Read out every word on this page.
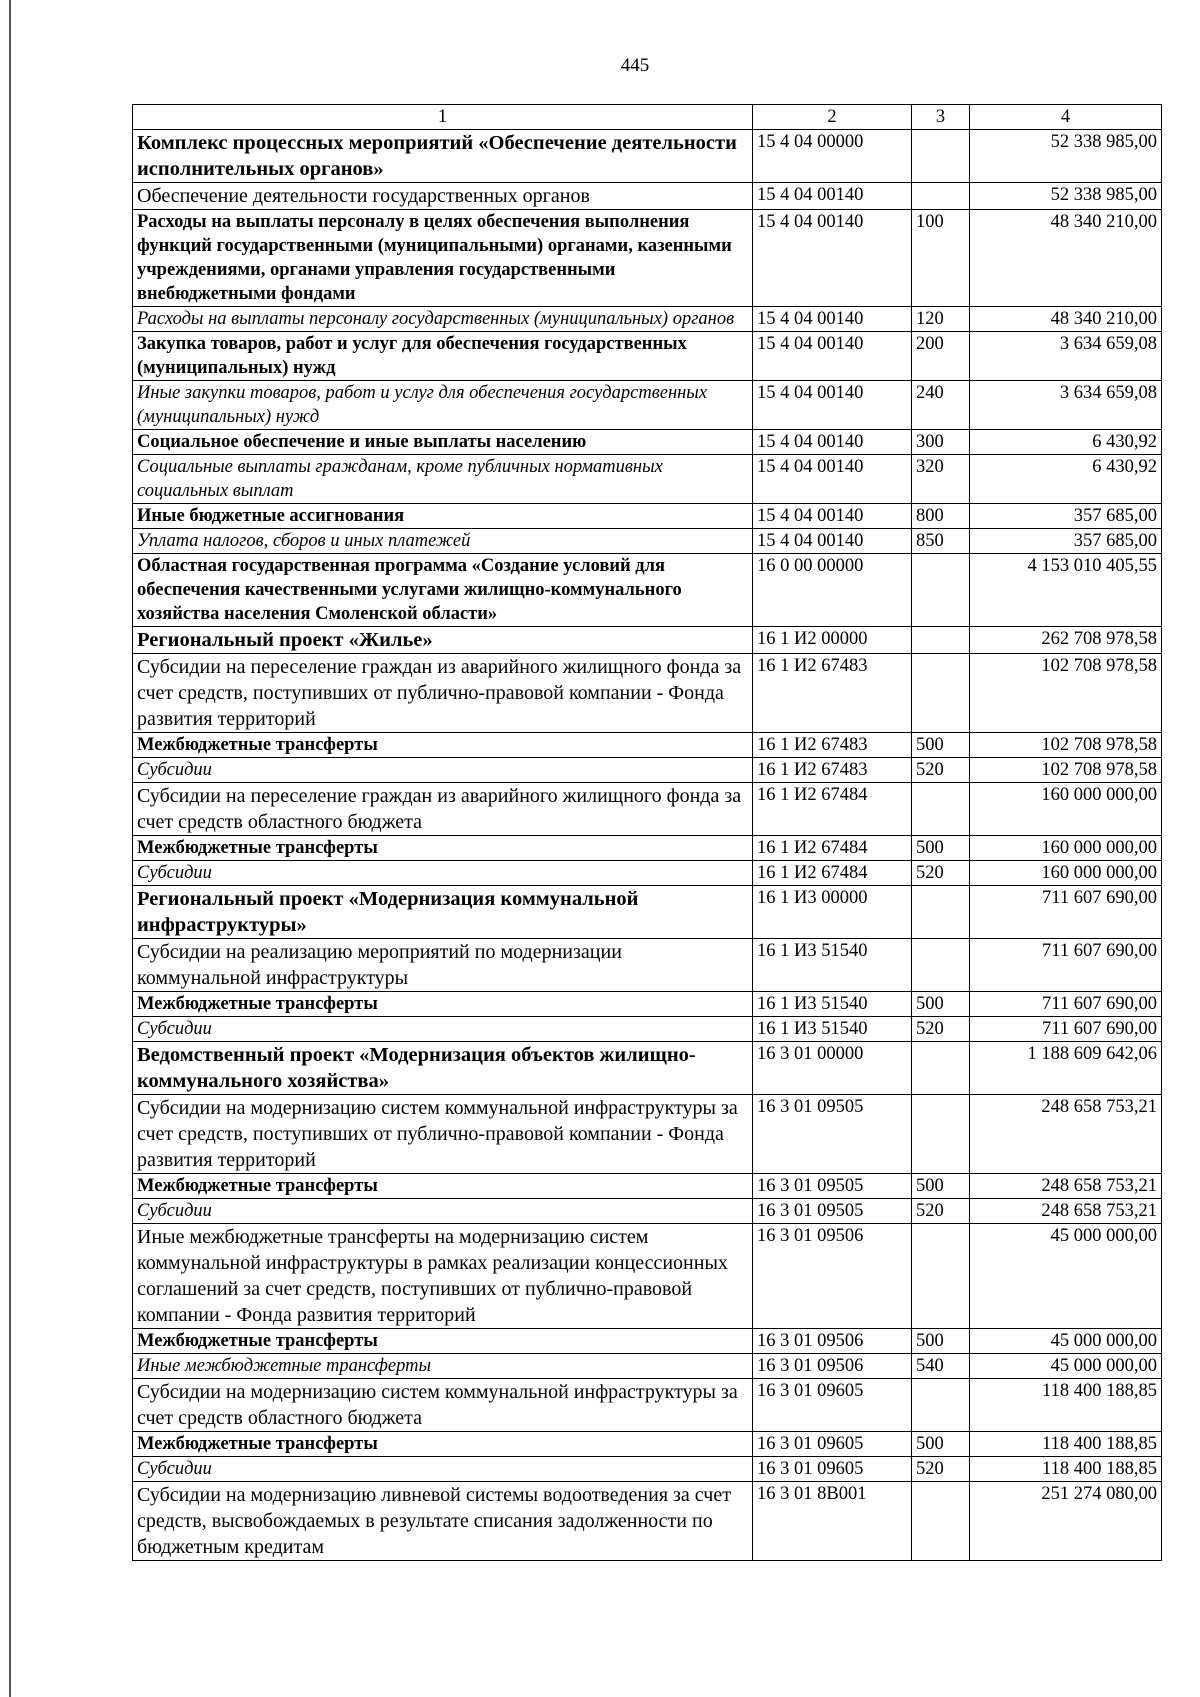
445
1	2	3	4
Комплекс процессных мероприятий «Обеспечение деятельности исполнительных органов»	15 4 04 00000		52 338 985,00
Обеспечение деятельности государственных органов	15 4 04 00140		52 338 985,00
Расходы на выплаты персоналу в целях обеспечения выполнения функций государственными (муниципальными) органами, казенными учреждениями, органами управления государственными внебюджетными фондами	15 4 04 00140	100	48 340 210,00
Расходы на выплаты персоналу государственных (муниципальных) органов	15 4 04 00140	120	48 340 210,00
Закупка товаров, работ и услуг для обеспечения государственных (муниципальных) нужд	15 4 04 00140	200	3 634 659,08
Иные закупки товаров, работ и услуг для обеспечения государственных (муниципальных) нужд	15 4 04 00140	240	3 634 659,08
Социальное обеспечение и иные выплаты населению	15 4 04 00140	300	6 430,92
Социальные выплаты гражданам, кроме публичных нормативных социальных выплат	15 4 04 00140	320	6 430,92
Иные бюджетные ассигнования	15 4 04 00140	800	357 685,00
Уплата налогов, сборов и иных платежей	15 4 04 00140	850	357 685,00
Областная государственная программа «Создание условий для обеспечения качественными услугами жилищно-коммунального хозяйства населения Смоленской области»	16 0 00 00000		4 153 010 405,55
Региональный проект «Жилье»	16 1 И2 00000		262 708 978,58
Субсидии на переселение граждан из аварийного жилищного фонда за счет средств, поступивших от публично-правовой компании - Фонда развития территорий	16 1 И2 67483		102 708 978,58
Межбюджетные трансферты	16 1 И2 67483	500	102 708 978,58
Субсидии	16 1 И2 67483	520	102 708 978,58
Субсидии на переселение граждан из аварийного жилищного фонда за счет средств областного бюджета	16 1 И2 67484		160 000 000,00
Межбюджетные трансферты	16 1 И2 67484	500	160 000 000,00
Субсидии	16 1 И2 67484	520	160 000 000,00
Региональный проект «Модернизация коммунальной инфраструктуры»	16 1 И3 00000		711 607 690,00
Субсидии на реализацию мероприятий по модернизации коммунальной инфраструктуры	16 1 И3 51540		711 607 690,00
Межбюджетные трансферты	16 1 И3 51540	500	711 607 690,00
Субсидии	16 1 И3 51540	520	711 607 690,00
Ведомственный проект «Модернизация объектов жилищно-коммунального хозяйства»	16 3 01 00000		1 188 609 642,06
Субсидии на модернизацию систем коммунальной инфраструктуры за счет средств, поступивших от публично-правовой компании - Фонда развития территорий	16 3 01 09505		248 658 753,21
Межбюджетные трансферты	16 3 01 09505	500	248 658 753,21
Субсидии	16 3 01 09505	520	248 658 753,21
Иные межбюджетные трансферты на модернизацию систем коммунальной инфраструктуры в рамках реализации концессионных соглашений за счет средств, поступивших от публично-правовой компании - Фонда развития территорий	16 3 01 09506		45 000 000,00
Межбюджетные трансферты	16 3 01 09506	500	45 000 000,00
Иные межбюджетные трансферты	16 3 01 09506	540	45 000 000,00
Субсидии на модернизацию систем коммунальной инфраструктуры за счет средств областного бюджета	16 3 01 09605		118 400 188,85
Межбюджетные трансферты	16 3 01 09605	500	118 400 188,85
Субсидии	16 3 01 09605	520	118 400 188,85
Субсидии на модернизацию ливневой системы водоотведения за счет средств, высвобождаемых в результате списания задолженности по бюджетным кредитам	16 3 01 8В001		251 274 080,00
